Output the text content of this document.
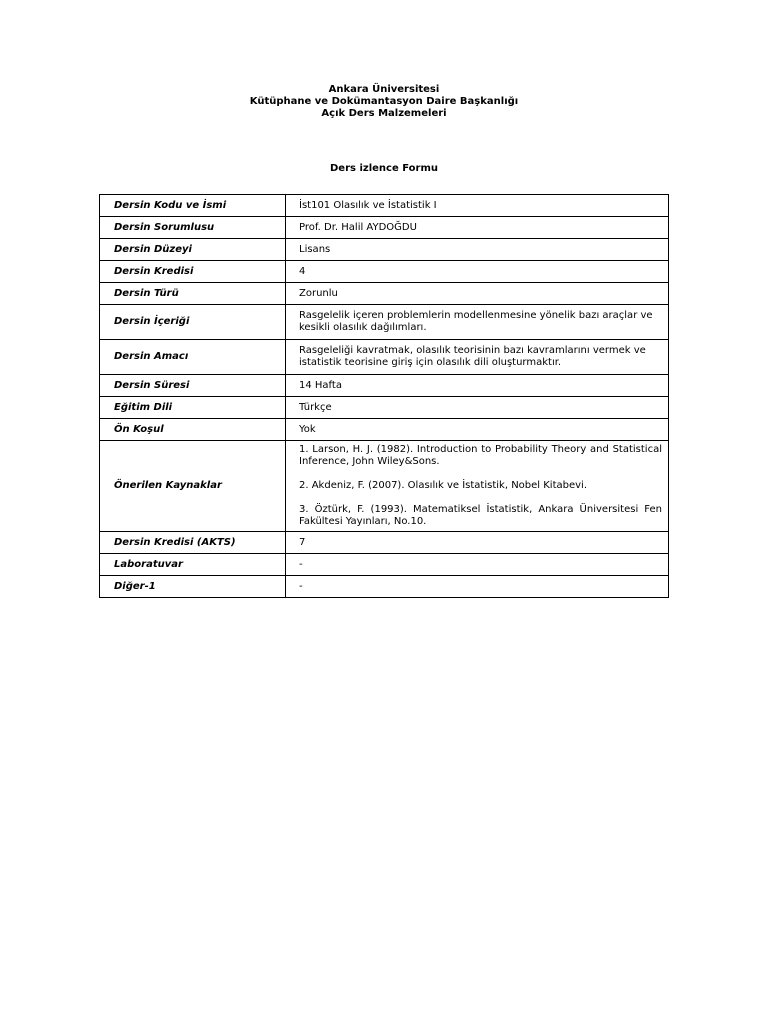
Ankara Üniversitesi
Kütüphane ve Dokümantasyon Daire Başkanlığı
Açık Ders Malzemeleri
Ders izlence Formu
Dersin Kodu ve İsmi	İst101 Olasılık ve İstatistik I
Dersin Sorumlusu	Prof. Dr. Halil AYDOĞDU
Dersin Düzeyi	Lisans
Dersin Kredisi	4
Dersin Türü	Zorunlu
Dersin İçeriği	Rasgelelik içeren problemlerin modellenmesine yönelik bazı araçlar ve kesikli olasılık dağılımları.
Dersin Amacı	Rasgeleliği kavratmak, olasılık teorisinin bazı kavramlarını vermek ve istatistik teorisine giriş için olasılık dili oluşturmaktır.
Dersin Süresi	14 Hafta
Eğitim Dili	Türkçe
Ön Koşul	Yok
Önerilen Kaynaklar	1. Larson, H. J. (1982). Introduction to Probability Theory and Statistical Inference, John Wiley&Sons.

2. Akdeniz, F. (2007). Olasılık ve İstatistik, Nobel Kitabevi.

3. Öztürk, F. (1993). Matematiksel İstatistik, Ankara Üniversitesi Fen Fakültesi Yayınları, No.10.

Dersin Kredisi (AKTS)	7
Laboratuvar	-
Diğer-1	-
